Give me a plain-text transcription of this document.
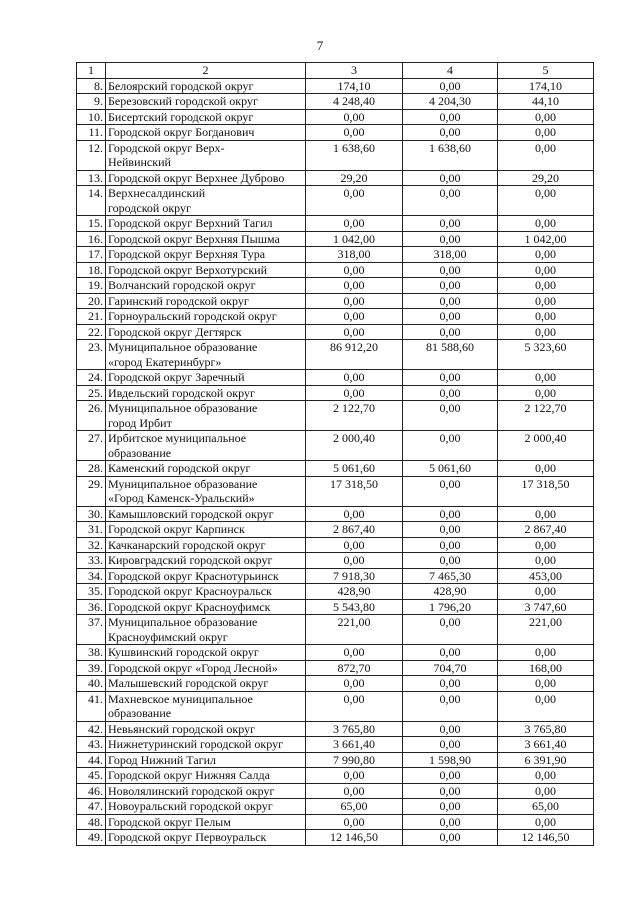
7
1	2	3	4	5
8.	Белоярский городской округ	174,10	0,00	174,10
9.	Березовский городской округ	4 248,40	4 204,30	44,10
10.	Бисертский городской округ	0,00	0,00	0,00
11.	Городской округ Богданович	0,00	0,00	0,00
12.	Городской округ Верх-
Нейвинский	1 638,60	1 638,60	0,00
13.	Городской округ Верхнее Дуброво	29,20	0,00	29,20
14.	Верхнесалдинский
городской округ	0,00	0,00	0,00
15.	Городской округ Верхний Тагил	0,00	0,00	0,00
16.	Городской округ Верхняя Пышма	1 042,00	0,00	1 042,00
17.	Городской округ Верхняя Тура	318,00	318,00	0,00
18.	Городской округ Верхотурский	0,00	0,00	0,00
19.	Волчанский городской округ	0,00	0,00	0,00
20.	Гаринский городской округ	0,00	0,00	0,00
21.	Горноуральский городской округ	0,00	0,00	0,00
22.	Городской округ Дегтярск	0,00	0,00	0,00
23.	Муниципальное образование
«город Екатеринбург»	86 912,20	81 588,60	5 323,60
24.	Городской округ Заречный	0,00	0,00	0,00
25.	Ивдельский городской округ	0,00	0,00	0,00
26.	Муниципальное образование
город Ирбит	2 122,70	0,00	2 122,70
27.	Ирбитское муниципальное
образование	2 000,40	0,00	2 000,40
28.	Каменский городской округ	5 061,60	5 061,60	0,00
29.	Муниципальное образование
«Город Каменск-Уральский»	17 318,50	0,00	17 318,50
30.	Камышловский городской округ	0,00	0,00	0,00
31.	Городской округ Карпинск	2 867,40	0,00	2 867,40
32.	Качканарский городской округ	0,00	0,00	0,00
33.	Кировградский городской округ	0,00	0,00	0,00
34.	Городской округ Краснотурьинск	7 918,30	7 465,30	453,00
35.	Городской округ Красноуральск	428,90	428,90	0,00
36.	Городской округ Красноуфимск	5 543,80	1 796,20	3 747,60
37.	Муниципальное образование
Красноуфимский округ	221,00	0,00	221,00
38.	Кушвинский городской округ	0,00	0,00	0,00
39.	Городской округ «Город Лесной»	872,70	704,70	168,00
40.	Малышевский городской округ	0,00	0,00	0,00
41.	Махневское муниципальное
образование	0,00	0,00	0,00
42.	Невьянский городской округ	3 765,80	0,00	3 765,80
43.	Нижнетуринский городской округ	3 661,40	0,00	3 661,40
44.	Город Нижний Тагил	7 990,80	1 598,90	6 391,90
45.	Городской округ Нижняя Салда	0,00	0,00	0,00
46.	Новолялинский городской округ	0,00	0,00	0,00
47.	Новоуральский городской округ	65,00	0,00	65,00
48.	Городской округ Пелым	0,00	0,00	0,00
49.	Городской округ Первоуральск	12 146,50	0,00	12 146,50
